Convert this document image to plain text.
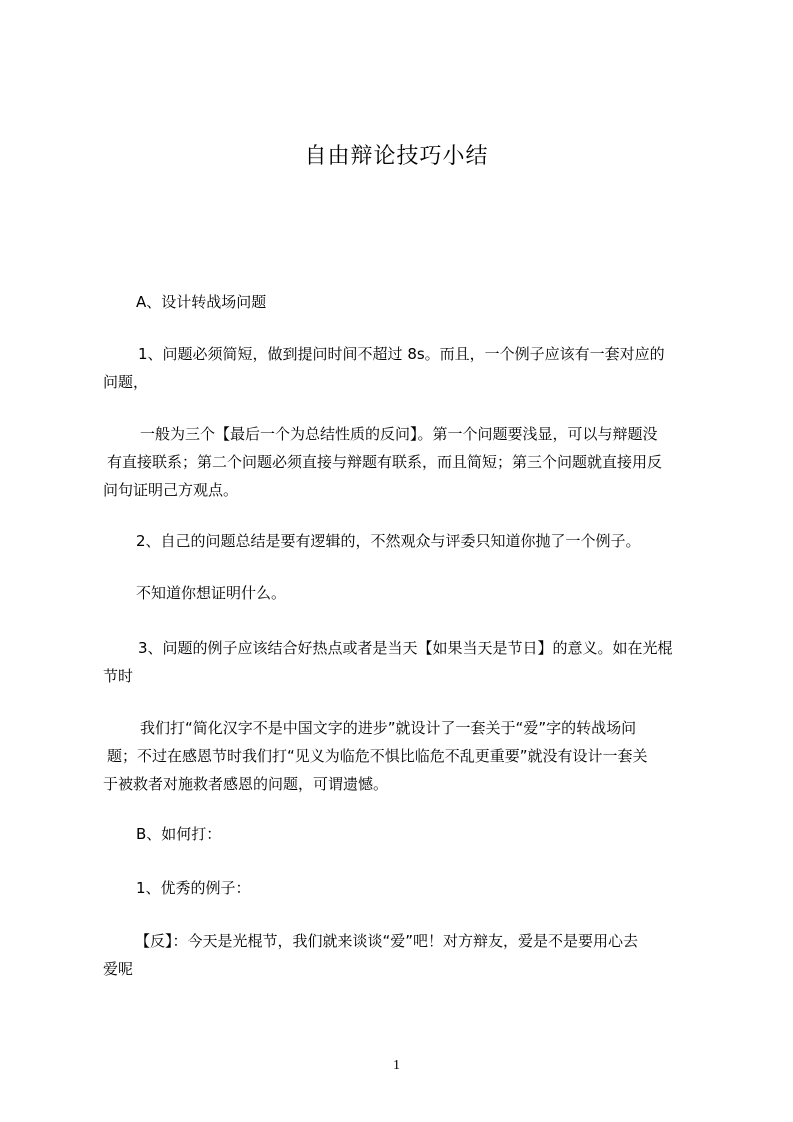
自由辩论技巧小结
A、设计转战场问题
1、问题必须简短，做到提问时间不超过 8s。而且，一个例子应该有一套对应的
问题，
一般为三个【最后一个为总结性质的反问】。第一个问题要浅显，可以与辩题没
有直接联系；第二个问题必须直接与辩题有联系，而且简短；第三个问题就直接用反
问句证明己方观点。
2、自己的问题总结是要有逻辑的，不然观众与评委只知道你抛了一个例子。
不知道你想证明什么。
3、问题的例子应该结合好热点或者是当天【如果当天是节日】的意义。如在光棍
节时
我们打“简化汉字不是中国文字的进步”就设计了一套关于“爱”字的转战场问
题；不过在感恩节时我们打“见义为临危不惧比临危不乱更重要”就没有设计一套关
于被救者对施救者感恩的问题，可谓遗憾。
B、如何打：
1、优秀的例子：
【反】：今天是光棍节，我们就来谈谈“爱”吧！对方辩友，爱是不是要用心去
爱呢
1
